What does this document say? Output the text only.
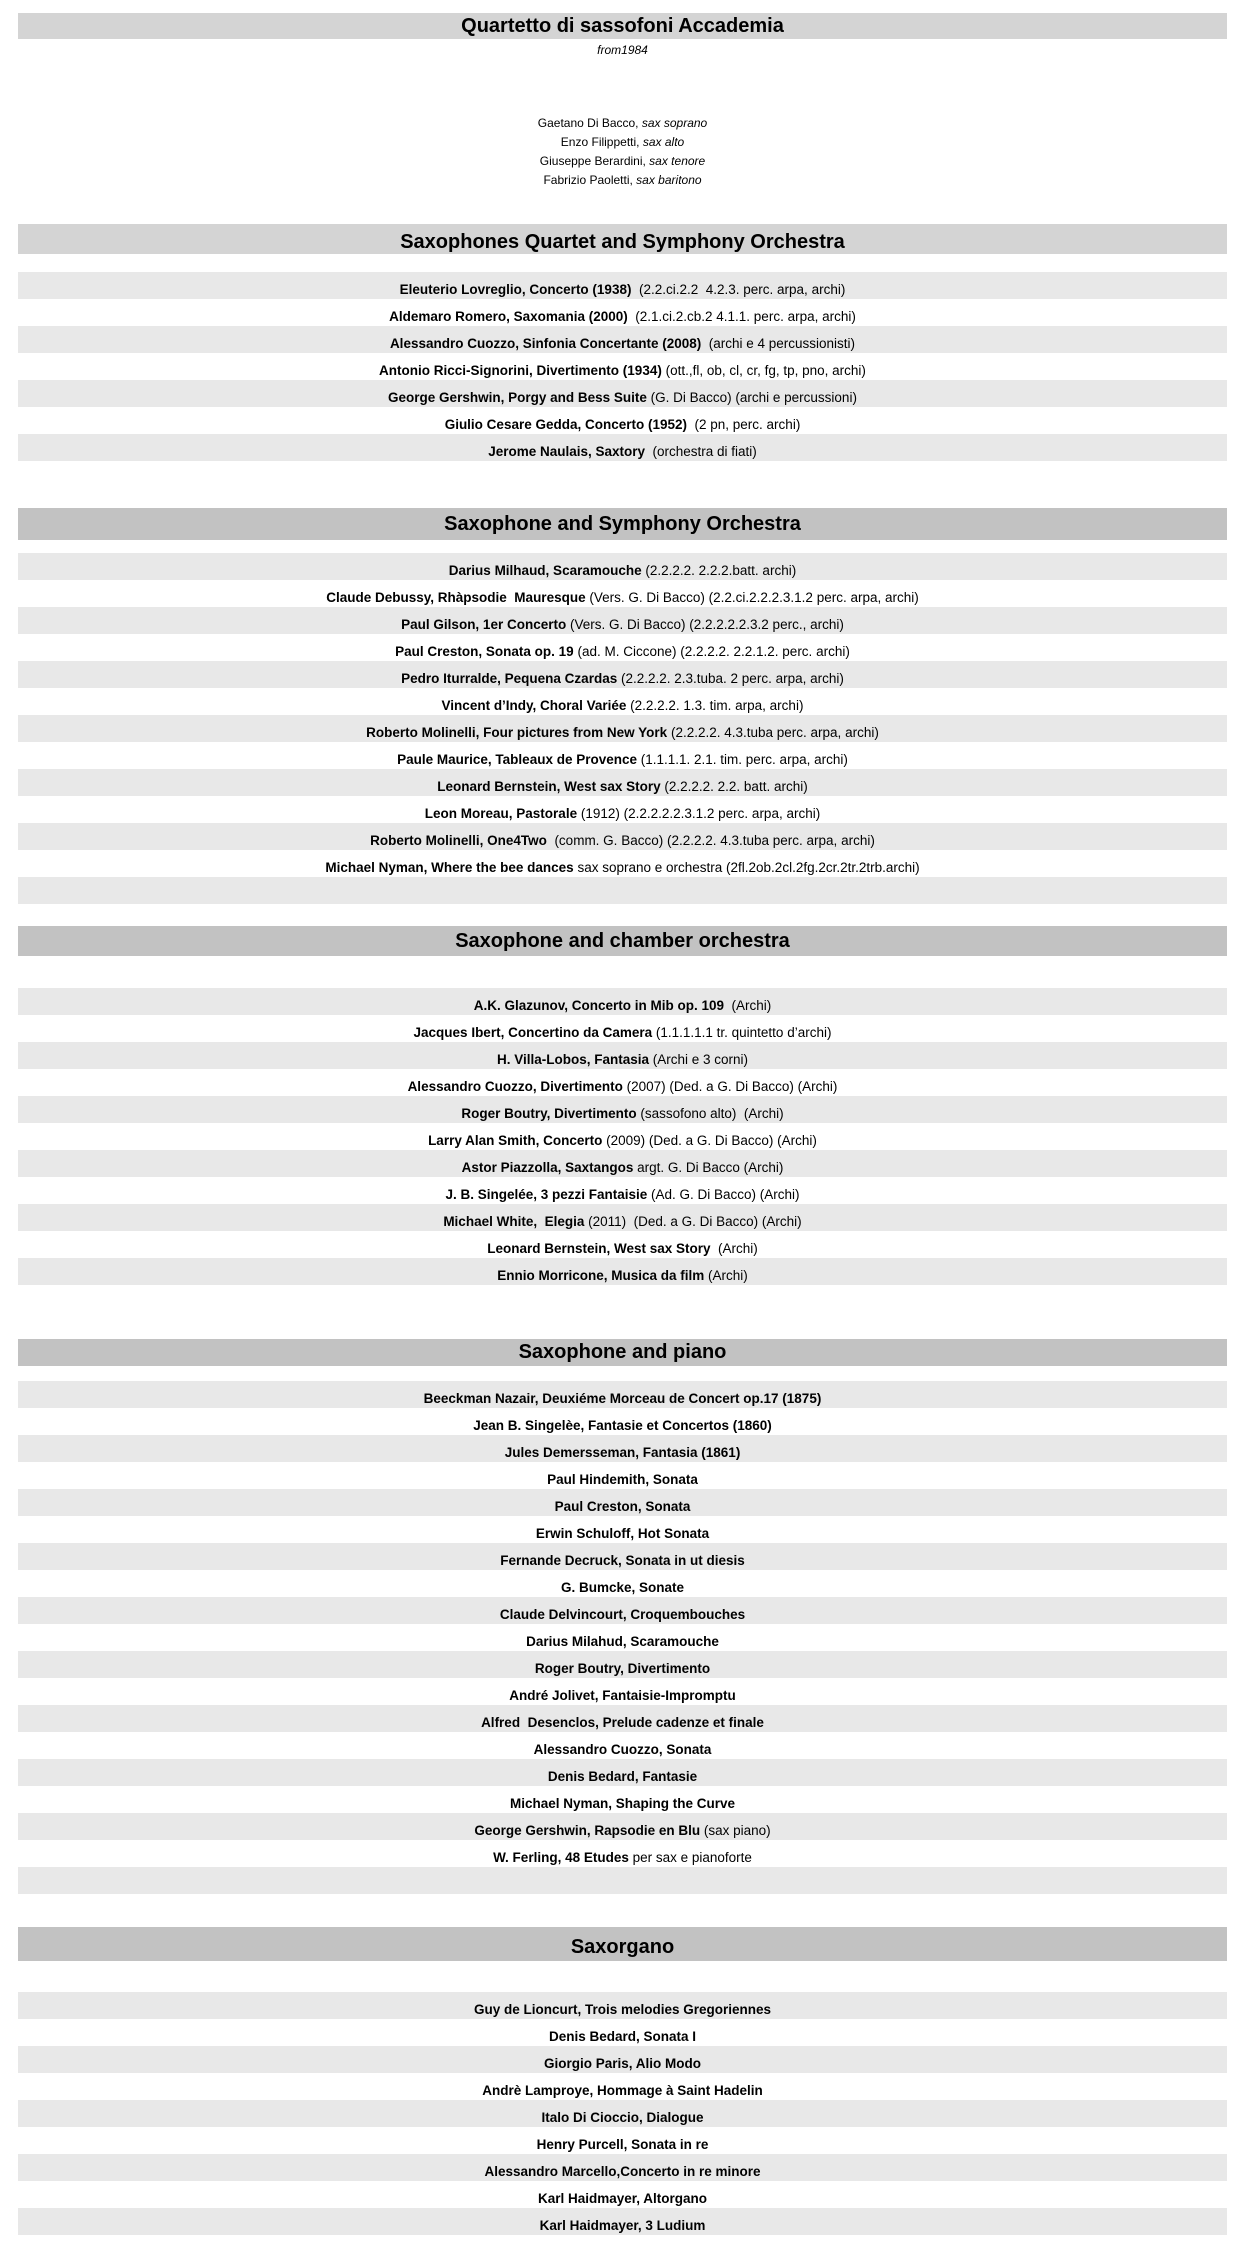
Quartetto di sassofoni Accademia
from1984
Gaetano Di Bacco, sax soprano
Enzo Filippetti, sax alto
Giuseppe Berardini, sax tenore
Fabrizio Paoletti, sax baritono
Saxophones Quartet and Symphony Orchestra
Eleuterio Lovreglio, Concerto (1938)  (2.2.ci.2.2  4.2.3. perc. arpa, archi)
Aldemaro Romero, Saxomania (2000)  (2.1.ci.2.cb.2 4.1.1. perc. arpa, archi)
Alessandro Cuozzo, Sinfonia Concertante (2008)  (archi e 4 percussionisti)
Antonio Ricci-Signorini, Divertimento (1934) (ott.,fl, ob, cl, cr, fg, tp, pno, archi)
George Gershwin, Porgy and Bess Suite (G. Di Bacco) (archi e percussioni)
Giulio Cesare Gedda, Concerto (1952)  (2 pn, perc. archi)
Jerome Naulais, Saxtory  (orchestra di fiati)
Saxophone and Symphony Orchestra
Darius Milhaud, Scaramouche (2.2.2.2. 2.2.2.batt. archi)
Claude Debussy, Rhàpsodie  Mauresque (Vers. G. Di Bacco) (2.2.ci.2.2.2.3.1.2 perc. arpa, archi)
Paul Gilson, 1er Concerto (Vers. G. Di Bacco) (2.2.2.2.2.3.2 perc., archi)
Paul Creston, Sonata op. 19 (ad. M. Ciccone) (2.2.2.2. 2.2.1.2. perc. archi)
Pedro Iturralde, Pequena Czardas (2.2.2.2. 2.3.tuba. 2 perc. arpa, archi)
Vincent d’Indy, Choral Variée (2.2.2.2. 1.3. tim. arpa, archi)
Roberto Molinelli, Four pictures from New York (2.2.2.2. 4.3.tuba perc. arpa, archi)
Paule Maurice, Tableaux de Provence (1.1.1.1. 2.1. tim. perc. arpa, archi)
Leonard Bernstein, West sax Story (2.2.2.2. 2.2. batt. archi)
Leon Moreau, Pastorale (1912) (2.2.2.2.2.3.1.2 perc. arpa, archi)
Roberto Molinelli, One4Two  (comm. G. Bacco) (2.2.2.2. 4.3.tuba perc. arpa, archi)
Michael Nyman, Where the bee dances sax soprano e orchestra (2fl.2ob.2cl.2fg.2cr.2tr.2trb.archi)
Saxophone and chamber orchestra
A.K. Glazunov, Concerto in Mib op. 109  (Archi)
Jacques Ibert, Concertino da Camera (1.1.1.1.1 tr. quintetto d’archi)
H. Villa-Lobos, Fantasia (Archi e 3 corni)
Alessandro Cuozzo, Divertimento (2007) (Ded. a G. Di Bacco) (Archi)
Roger Boutry, Divertimento (sassofono alto)  (Archi)
Larry Alan Smith, Concerto (2009) (Ded. a G. Di Bacco) (Archi)
Astor Piazzolla, Saxtangos argt. G. Di Bacco (Archi)
J. B. Singelée, 3 pezzi Fantaisie (Ad. G. Di Bacco) (Archi)
Michael White,  Elegia (2011)  (Ded. a G. Di Bacco) (Archi)
Leonard Bernstein, West sax Story  (Archi)
Ennio Morricone, Musica da film (Archi)
Saxophone and piano
Beeckman Nazair, Deuxiéme Morceau de Concert op.17 (1875)
Jean B. Singelèe, Fantasie et Concertos (1860)
Jules Demersseman, Fantasia (1861)
Paul Hindemith, Sonata
Paul Creston, Sonata
Erwin Schuloff, Hot Sonata
Fernande Decruck, Sonata in ut diesis
G. Bumcke, Sonate
Claude Delvincourt, Croquembouches
Darius Milahud, Scaramouche
Roger Boutry, Divertimento
André Jolivet, Fantaisie-Impromptu
Alfred  Desenclos, Prelude cadenze et finale
Alessandro Cuozzo, Sonata
Denis Bedard, Fantasie
Michael Nyman, Shaping the Curve
George Gershwin, Rapsodie en Blu (sax piano)
W. Ferling, 48 Etudes per sax e pianoforte
Saxorgano
Guy de Lioncurt, Trois melodies Gregoriennes
Denis Bedard, Sonata I
Giorgio Paris, Alio Modo
Andrè Lamproye, Hommage à Saint Hadelin
Italo Di Cioccio, Dialogue
Henry Purcell, Sonata in re
Alessandro Marcello,Concerto in re minore
Karl Haidmayer, Altorgano
Karl Haidmayer, 3 Ludium
